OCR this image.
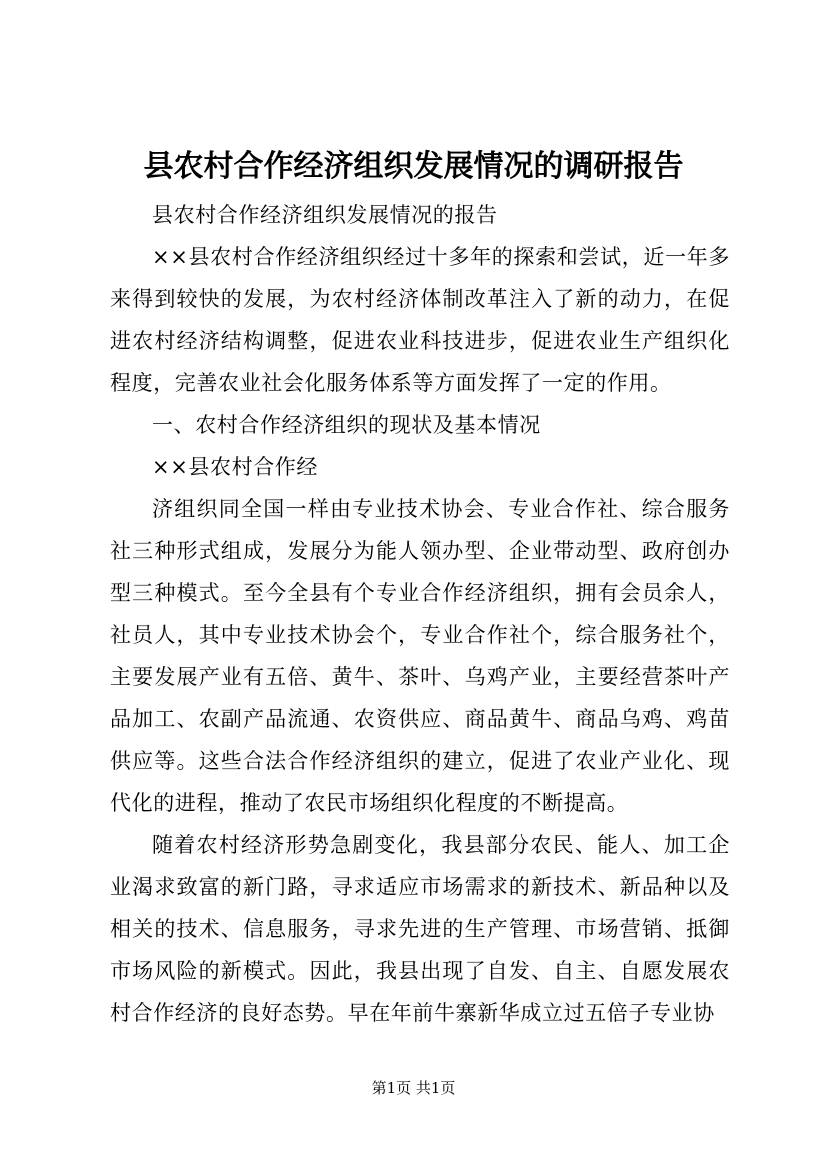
县农村合作经济组织发展情况的调研报告

县农村合作经济组织发展情况的报告

××县农村合作经济组织经过十多年的探索和尝试，近一年多来得到较快的发展，为农村经济体制改革注入了新的动力，在促进农村经济结构调整，促进农业科技进步，促进农业生产组织化程度，完善农业社会化服务体系等方面发挥了一定的作用。

一、农村合作经济组织的现状及基本情况

××县农村合作经

济组织同全国一样由专业技术协会、专业合作社、综合服务社三种形式组成，发展分为能人领办型、企业带动型、政府创办型三种模式。至今全县有个专业合作经济组织，拥有会员余人，社员人，其中专业技术协会个，专业合作社个，综合服务社个，主要发展产业有五倍、黄牛、茶叶、乌鸡产业，主要经营茶叶产品加工、农副产品流通、农资供应、商品黄牛、商品乌鸡、鸡苗供应等。这些合法合作经济组织的建立，促进了农业产业化、现代化的进程，推动了农民市场组织化程度的不断提高。

随着农村经济形势急剧变化，我县部分农民、能人、加工企业渴求致富的新门路，寻求适应市场需求的新技术、新品种以及相关的技术、信息服务，寻求先进的生产管理、市场营销、抵御市场风险的新模式。因此，我县出现了自发、自主、自愿发展农村合作经济的良好态势。早在年前牛寨新华成立过五倍子专业协

第1页 共1页
